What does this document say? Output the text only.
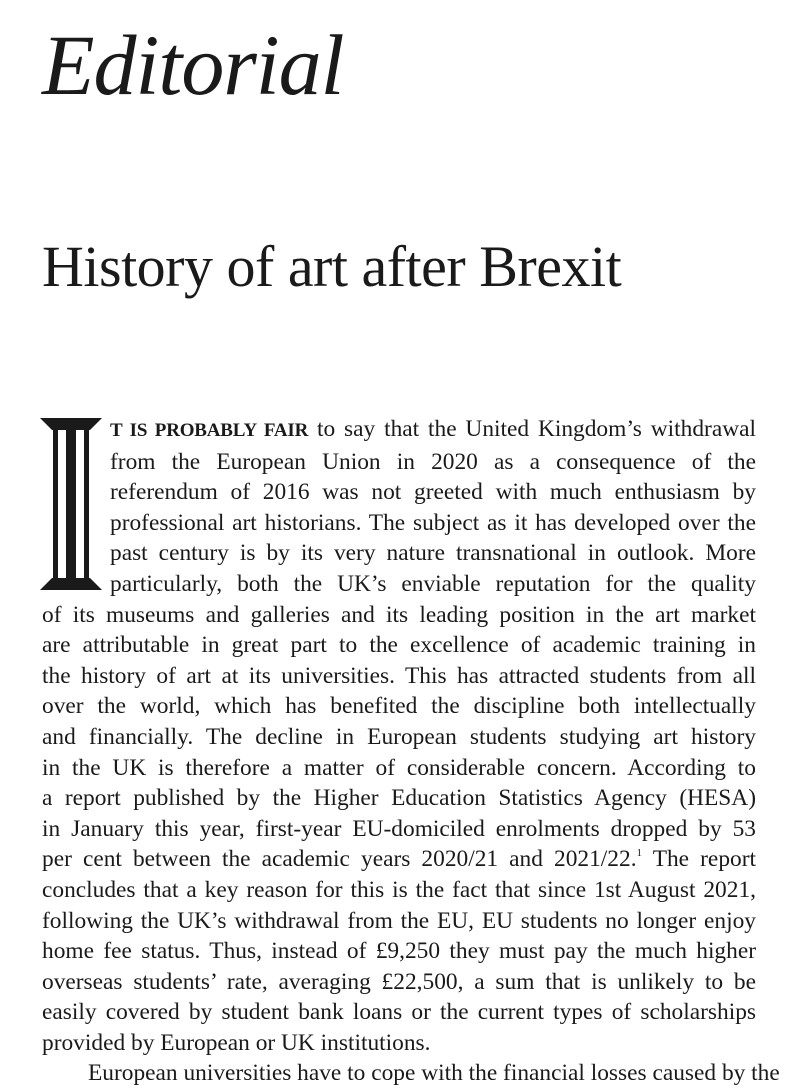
Editorial
History of art after Brexit
I
T IS PROBABLY FAIR to say that the United Kingdom’s withdrawal
from the European Union in 2020 as a consequence of the
referendum of 2016 was not greeted with much enthusiasm by
professional art historians. The subject as it has developed over the
past century is by its very nature transnational in outlook. More
particularly, both the UK’s enviable reputation for the quality
of its museums and galleries and its leading position in the art market
are attributable in great part to the excellence of academic training in
the history of art at its universities. This has attracted students from all
over the world, which has benefited the discipline both intellectually
and financially. The decline in European students studying art history
in the UK is therefore a matter of considerable concern. According to
a report published by the Higher Education Statistics Agency (HESA)
in January this year, first-year EU-domiciled enrolments dropped by 53
per cent between the academic years 2020/21 and 2021/22.$^1$ The report
concludes that a key reason for this is the fact that since 1st August 2021,
following the UK’s withdrawal from the EU, EU students no longer enjoy
home fee status. Thus, instead of £9,250 they must pay the much higher
overseas students’ rate, averaging £22,500, a sum that is unlikely to be
easily covered by student bank loans or the current types of scholarships
provided by European or UK institutions.
European universities have to cope with the financial losses caused by the
